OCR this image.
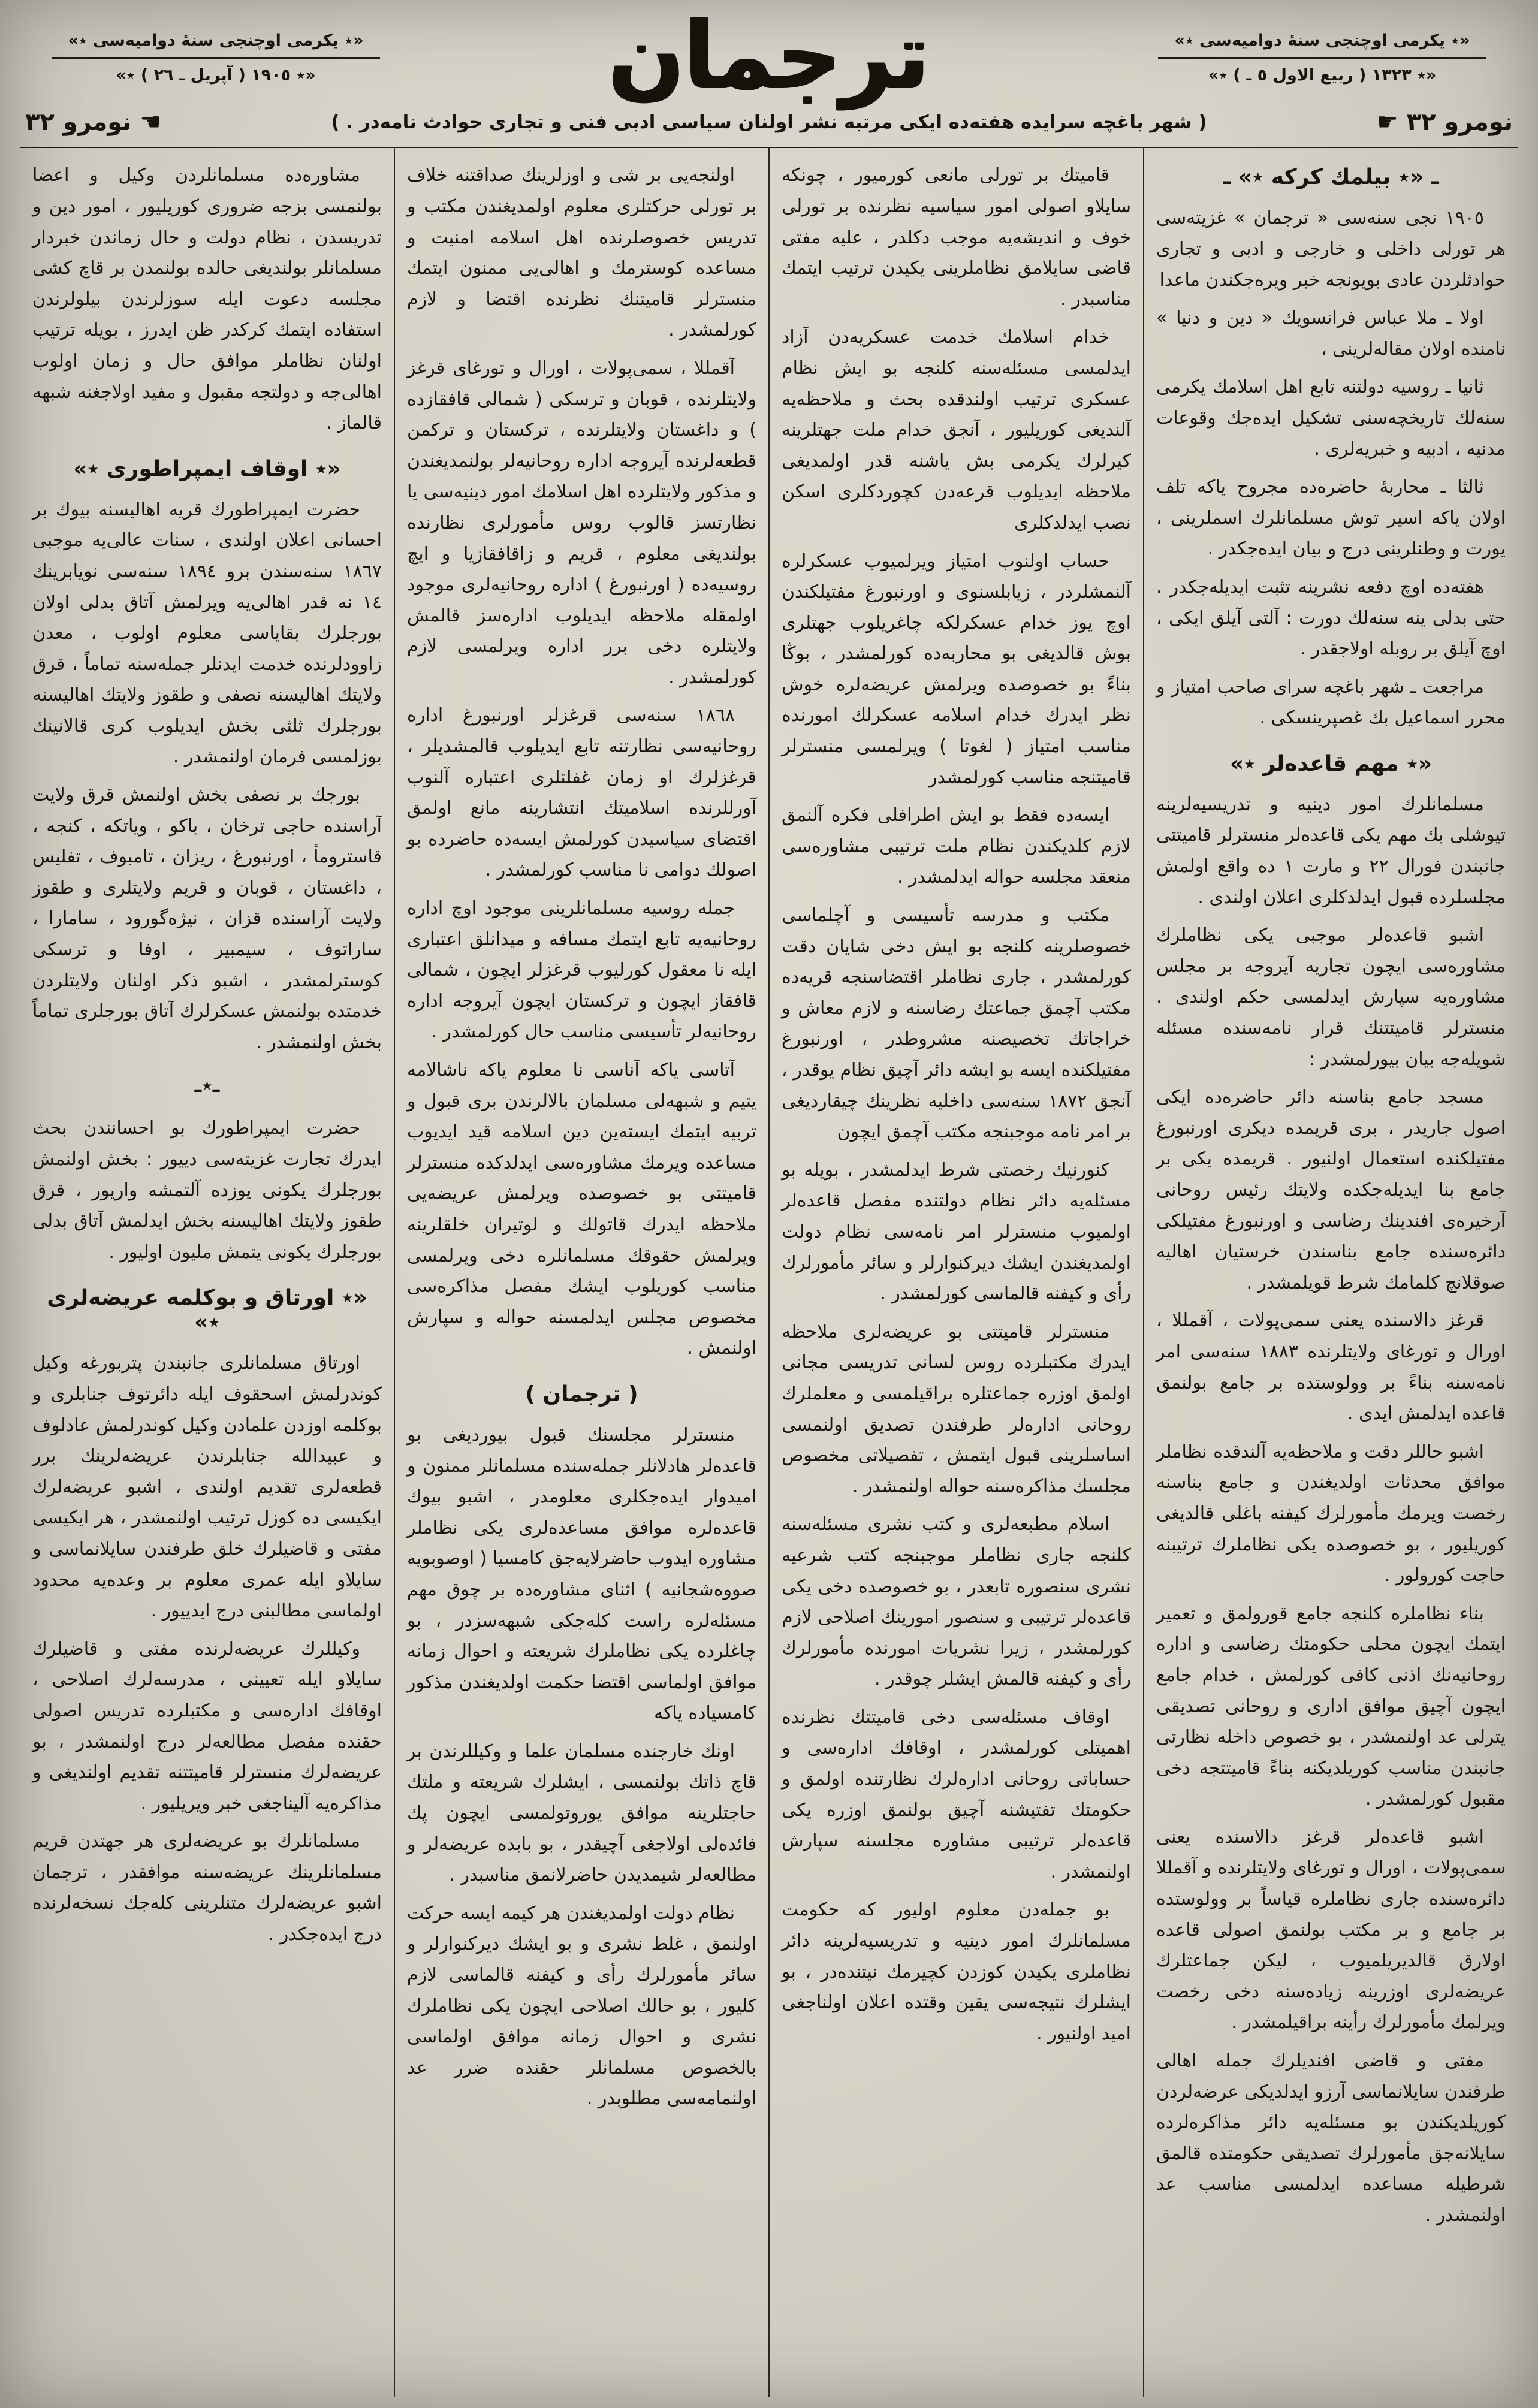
«٭ یكرمی اوچنجی سنهٔ دوامیه‌سی ٭»
«٭ ١٣٢٣ ( ربیع الاول ٥ ـ ) ٭»
ترجمان
«٭ یكرمی اوچنجی سنهٔ دوامیه‌سی ٭»
«٭ ١٩٠٥ ( آپریل ـ ٢٦ ) ٭»
نومرو ٣٢
☛
( شهر باغچه سرایده هفته‌ده ایكی مرتبه نشر اولنان سیاسی ادبی فنی و تجاری حوادث نامه‌در . )
☚
نومرو ٣٢
ـ «٭ بیلمك كركه ٭» ـ

١٩٠٥ نجی سنه‌سی « ترجمان » غزیته‌سی هر تورلی داخلی و خارجی و ادبی و تجاری حوادثلردن عادی بویونجه خبر ویره‌جكندن ماعدا

اولا ـ ملا عباس فرانسویك « دین و دنیا » نامنده اولان مقاله‌لرینی ،

ثانیا ـ روسیه دولتنه تابع اهل اسلامك یكرمی سنه‌لك تاریخچه‌سنی تشكیل ایده‌جك وقوعات مدنیه ، ادبیه و خبریه‌لری .

ثالثا ـ محاربهٔ حاضره‌ده مجروح یاكه تلف اولان یاكه اسیر توش مسلمانلرك اسملرینی ، یورت و وطنلرینی درج و بیان ایده‌جكدر .

هفته‌ده اوچ دفعه نشرینه تثبت ایدیله‌جكدر . حتی بدلی ینه سنه‌لك دورت : آلتی آیلق ایكی ، اوچ آیلق بر روبله اولاجقدر .

مراجعت ـ شهر باغچه سرای صاحب امتیاز و محرر اسماعیل بك غصپرینسكی .

«٭ مهم قاعده‌لر ٭»

مسلمانلرك امور دینیه و تدریسیه‌لرینه تیوشلی بك مهم یكی قاعده‌لر منسترلر قامیتتی جانبندن فورال ٢٢ و مارت ١ ده واقع اولمش مجلسلرده قبول ایدلدكلری اعلان اولندی .

اشبو قاعده‌لر موجبی یكی نظاملرك مشاوره‌سی ایچون تجاریه آیروجه بر مجلس مشاوره‌یه سپارش ایدلمسی حكم اولندی . منسترلر قامیتتنك قرار نامه‌سنده مسئله شویله‌جه بیان بیورلمشدر :

مسجد جامع بناسنه دائر حاضره‌ده ایكی اصول جاریدر ، بری قریمده دیكری اورنبورغ مفتیلكنده استعمال اولنیور . قریمده یكی بر جامع بنا ایدیله‌جكده ولایتك رئیس روحانی آرخیره‌ی افندینك رضاسی و اورنبورغ مفتیلكی دائره‌سنده جامع بناسندن خرستیان اهالیه صوقلانچ كلمامك شرط قویلمشدر .

قرغز دالاسنده یعنی سمی‌پولات ، آقمللا ، اورال و تورغای ولایتلرنده ١٨٨٣ سنه‌سی امر نامه‌سنه بناءً بر وولوستده بر جامع بولنمق قاعده ایدلمش ایدی .

اشبو حاللر دقت و ملاحظه‌یه آلندقده نظاملر موافق محدثات اولدیغندن و جامع بناسنه رخصت ویرمك مأمورلرك كیفنه باغلی قالدیغی كوریلیور ، بو خصوصده یكی نظاملرك ترتیبنه حاجت كورولور .

بناء نظاملره كلنجه جامع قورولمق و تعمیر ایتمك ایچون محلی حكومتك رضاسی و اداره روحانیه‌نك اذنی كافی كورلمش ، خدام جامع ایچون آچیق موافق اداری و روحانی تصدیقی یترلی عد اولنمشدر ، بو خصوص داخله نظارتی جانبندن مناسب كوریلدیكنه بناءً قامیتتجه دخی مقبول كورلمشدر .

اشبو قاعده‌لر قرغز دالاسنده یعنی سمی‌پولات ، اورال و تورغای ولایتلرنده و آقمللا دائره‌سنده جاری نظاملره قیاساً بر وولوستده بر جامع و بر مكتب بولنمق اصولی قاعده اولارق قالدیریلمیوب ، لیكن جماعتلرك عریضه‌لری اوزرینه زیاده‌سنه دخی رخصت ویرلمك مأمورلرك رأینه براقیلمشدر .

مفتی و قاضی افندیلرك جمله اهالی طرفندن سایلانماسی آرزو ایدلدیكی عرضه‌لردن كوریلدیكندن بو مسئله‌یه دائر مذاكره‌لرده سایلانه‌جق مأمورلرك تصدیقی حكومتده قالمق شرطیله مساعده ایدلمسی مناسب عد اولنمشدر .

قامیتك بر تورلی مانعی كورمیور ، چونكه سایلاو اصولی امور سیاسیه نظرنده بر تورلی خوف و اندیشه‌یه موجب دكلدر ، علیه مفتی قاضی سایلامق نظاملرینی یكیدن ترتیب ایتمك مناسبدر .

خدام اسلامك خدمت عسكریه‌دن آزاد ایدلمسی مسئله‌سنه كلنجه بو ایش نظام عسكری ترتیب اولندقده بحث و ملاحظه‌یه آلندیغی كوریلیور ، آنجق خدام ملت جهتلرینه كیرلرك یكرمی بش یاشنه قدر اولمدیغی ملاحظه ایدیلوب قرعه‌دن كچوردكلری اسكن نصب ایدلدكلری

حساب اولنوب امتیاز ویرلمیوب عسكرلره آلنمشلردر ، زیابلسنوی و اورنبورغ مفتیلكندن اوچ یوز خدام عسكرلكه چاغریلوب جهتلری بوش قالدیغی بو محاربه‌ده كورلمشدر ، بوڭا بناءً بو خصوصده ویرلمش عریضه‌لره خوش نظر ایدرك خدام اسلامه عسكرلك امورنده مناسب امتیاز ( لغوتا ) ویرلمسی منسترلر قامیتنجه مناسب كورلمشدر

ایسه‌ده فقط بو ایش اطرافلی فكره آلنمق لازم كلدیكندن نظام ملت ترتیبی مشاوره‌سی منعقد مجلسه حواله ایدلمشدر .

مكتب و مدرسه تأسیسی و آچلماسی خصوصلرینه كلنجه بو ایش دخی شایان دقت كورلمشدر ، جاری نظاملر اقتضاسنجه قریه‌ده مكتب آچمق جماعتك رضاسنه و لازم معاش و خراجاتك تخصیصنه مشروطدر ، اورنبورغ مفتیلكنده ایسه بو ایشه دائر آچیق نظام یوقدر ، آنجق ١٨٧٢ سنه‌سی داخلیه نظرینك چیقاردیغی بر امر نامه موجبنجه مكتب آچمق ایچون

كنورنیك رخصتی شرط ایدلمشدر ، بویله بو مسئله‌یه دائر نظام دولتنده مفصل قاعده‌لر اولمیوب منسترلر امر نامه‌سی نظام دولت اولمدیغندن ایشك دیركنوارلر و سائر مأمورلرك رأی و كیفنه قالماسی كورلمشدر .

منسترلر قامیتتی بو عریضه‌لری ملاحظه ایدرك مكتبلرده روس لسانی تدریسی مجانی اولمق اوزره جماعتلره براقیلمسی و معلملرك روحانی اداره‌لر طرفندن تصدیق اولنمسی اساسلرینی قبول ایتمش ، تفصیلاتی مخصوص مجلسك مذاكره‌سنه حواله اولنمشدر .

اسلام مطبعه‌لری و كتب نشری مسئله‌سنه كلنجه جاری نظاملر موجبنجه كتب شرعیه نشری سنصوره تابعدر ، بو خصوصده دخی یكی قاعده‌لر ترتیبی و سنصور امورینك اصلاحی لازم كورلمشدر ، زیرا نشریات امورنده مأمورلرك رأی و كیفنه قالمش ایشلر چوقدر .

اوقاف مسئله‌سی دخی قامیتتك نظرنده اهمیتلی كورلمشدر ، اوقافك اداره‌سی و حساباتی روحانی اداره‌لرك نظارتنده اولمق و حكومتك تفتیشنه آچیق بولنمق اوزره یكی قاعده‌لر ترتیبی مشاوره مجلسنه سپارش اولنمشدر .

بو جمله‌دن معلوم اولیور كه حكومت مسلمانلرك امور دینیه و تدریسیه‌لرینه دائر نظاملری یكیدن كوزدن كچیرمك نیتنده‌در ، بو ایشلرك نتیجه‌سی یقین وقتده اعلان اولناجغی امید اولنیور .

اولنجه‌یی بر شی و اوزلرینك صداقتنه خلاف بر تورلی حركتلری معلوم اولمدیغندن مكتب و تدریس خصوصلرنده اهل اسلامه امنیت و مساعده كوسترمك و اهالی‌یی ممنون ایتمك منسترلر قامیتنك نظرنده اقتضا و لازم كورلمشدر .

آقمللا ، سمی‌پولات ، اورال و تورغای قرغز ولایتلرنده ، قوبان و ترسكی ( شمالی قافقازده ) و داغستان ولایتلرنده ، تركستان و تركمن قطعه‌لرنده آیروجه اداره روحانیه‌لر بولنمدیغندن و مذكور ولایتلرده اهل اسلامك امور دینیه‌سی یا نظارتسز قالوب روس مأمورلری نظارنده بولندیغی معلوم ، قریم و زاقافقازیا و ایچ روسیه‌ده ( اورنبورغ ) اداره روحانیه‌لری موجود اولمقله ملاحظه ایدیلوب اداره‌سز قالمش ولایتلره دخی برر اداره ویرلمسی لازم كورلمشدر .

١٨٦٨ سنه‌سی قرغزلر اورنبورغ اداره روحانیه‌سی نظارتنه تابع ایدیلوب قالمشدیلر ، قرغزلرك او زمان غفلتلری اعتباره آلنوب آورللرنده اسلامیتك انتشارینه مانع اولمق اقتضای سیاسیدن كورلمش ایسه‌ده حاضرده بو اصولك دوامی نا مناسب كورلمشدر .

جمله روسیه مسلمانلرینی موجود اوچ اداره روحانیه‌یه تابع ایتمك مسافه و میدانلق اعتباری ایله نا معقول كورلیوب قرغزلر ایچون ، شمالی قافقاز ایچون و تركستان ایچون آیروجه اداره روحانیه‌لر تأسیسی مناسب حال كورلمشدر .

آتاسی یاكه آناسی نا معلوم یاكه ناشالامه یتیم و شبهه‌لی مسلمان بالالرندن بری قبول و تربیه ایتمك ایسته‌ین دین اسلامه قید ایدیوب مساعده ویرمك مشاوره‌سی ایدلدكده منسترلر قامیتتی بو خصوصده ویرلمش عریضه‌یی ملاحظه ایدرك قاتولك و لوتیران خلقلرینه ویرلمش حقوقك مسلمانلره دخی ویرلمسی مناسب كوریلوب ایشك مفصل مذاكره‌سی مخصوص مجلس ایدلمسنه حواله و سپارش اولنمش .

( ترجمان )

منسترلر مجلسنك قبول بیوردیغی بو قاعده‌لر هادلانلر جمله‌سنده مسلمانلر ممنون و امیدوار ایده‌جكلری معلومدر ، اشبو بیوك قاعده‌لره موافق مساعده‌لری یكی نظاملر مشاوره ایدوب حاضرلایه‌جق كامسیا ( اوصوبویه صووه‌شجانیه ) اثنای مشاوره‌ده بر چوق مهم مسئله‌لره راست كله‌جكی شبهه‌سزدر ، بو چاغلرده یكی نظاملرك شریعته و احوال زمانه موافق اولماسی اقتضا حكمت اولدیغندن مذكور كامسیاده یاكه

اونك خارجنده مسلمان علما و وكیللرندن بر قاچ ذاتك بولنمسی ، ایشلرك شریعته و ملتك حاجتلرینه موافق یوروتولمسی ایچون پك فائده‌لی اولاجغی آچیقدر ، بو بابده عریضه‌لر و مطالعه‌لر شیمدیدن حاضرلانمق مناسبدر .

نظام دولت اولمدیغندن هر كیمه ایسه حركت اولنمق ، غلط نشری و بو ایشك دیركنوارلر و سائر مأمورلرك رأی و كیفنه قالماسی لازم كلیور ، بو حالك اصلاحی ایچون یكی نظاملرك نشری و احوال زمانه موافق اولماسی بالخصوص مسلمانلر حقنده ضرر عد اولنمامه‌سی مطلوبدر .

مشاوره‌ده مسلمانلردن وكیل و اعضا بولنمسی بزجه ضروری كوریلیور ، امور دین و تدریسدن ، نظام دولت و حال زماندن خبردار مسلمانلر بولندیغی حالده بولنمدن بر قاچ كشی مجلسه دعوت ایله سوزلرندن بیلولرندن استفاده ایتمك كركدر ظن ایدرز ، بویله ترتیب اولنان نظاملر موافق حال و زمان اولوب اهالی‌جه و دولتجه مقبول و مفید اولاجغنه شبهه قالماز .

«٭ اوقاف ایمپراطوری ٭»

حضرت ایمپراطورك قریه اهالیسنه بیوك بر احسانی اعلان اولندی ، سنات عالی‌یه موجبی ١٨٦٧ سنه‌سندن برو ١٨٩٤ سنه‌سی نویابرینك ١٤ نه قدر اهالی‌یه ویرلمش آتاق بدلی اولان بورجلرك بقایاسی معلوم اولوب ، معدن زاوودلرنده خدمت ایدنلر جمله‌سنه تماماً ، قرق ولایتك اهالیسنه نصفی و طقوز ولایتك اهالیسنه بورجلرك ثلثی بخش ایدیلوب كری قالانینك بوزلمسی فرمان اولنمشدر .

بورجك بر نصفی بخش اولنمش قرق ولایت آراسنده حاجی ترخان ، باكو ، ویاتكه ، كنجه ، قاسترومأ ، اورنبورغ ، ریزان ، تامبوف ، تفلیس ، داغستان ، قوبان و قریم ولایتلری و طقوز ولایت آراسنده قزان ، نیژه‌گورود ، سامارا ، ساراتوف ، سیمبیر ، اوفا و ترسكی كوسترلمشدر ، اشبو ذكر اولنان ولایتلردن خدمتده بولنمش عسكرلرك آتاق بورجلری تماماً بخش اولنمشدر .

ـ٭ـ

حضرت ایمپراطورك بو احسانندن بحث ایدرك تجارت غزیته‌سی دییور : بخش اولنمش بورجلرك یكونی یوزده آلتمشه واریور ، قرق طقوز ولایتك اهالیسنه بخش ایدلمش آتاق بدلی بورجلرك یكونی یتمش ملیون اولیور .

«٭ اورتاق و بوكلمه عریضه‌لری ٭»

اورتاق مسلمانلری جانبندن پتربورغه وكیل كوندرلمش اسحقوف ایله دائرتوف جنابلری و بوكلمه اوزدن علمادن وكیل كوندرلمش عادلوف و عبیدالله جنابلرندن عریضه‌لرینك برر قطعه‌لری تقدیم اولندی ، اشبو عریضه‌لرك ایكیسی ده كوزل ترتیب اولنمشدر ، هر ایكیسی مفتی و قاضیلرك خلق طرفندن سایلانماسی و سایلاو ایله عمری معلوم بر وعده‌یه محدود اولماسی مطالبنی درج ایدییور .

وكیللرك عریضه‌لرنده مفتی و قاضیلرك سایلاو ایله تعیینی ، مدرسه‌لرك اصلاحی ، اوقافك اداره‌سی و مكتبلرده تدریس اصولی حقنده مفصل مطالعه‌لر درج اولنمشدر ، بو عریضه‌لرك منسترلر قامیتتنه تقدیم اولندیغی و مذاكره‌یه آلیناجغی خبر ویریلیور .

مسلمانلرك بو عریضه‌لری هر جهتدن قریم مسلمانلرینك عریضه‌سنه موافقدر ، ترجمان اشبو عریضه‌لرك متنلرینی كله‌جك نسخه‌لرنده درج ایده‌جكدر .
